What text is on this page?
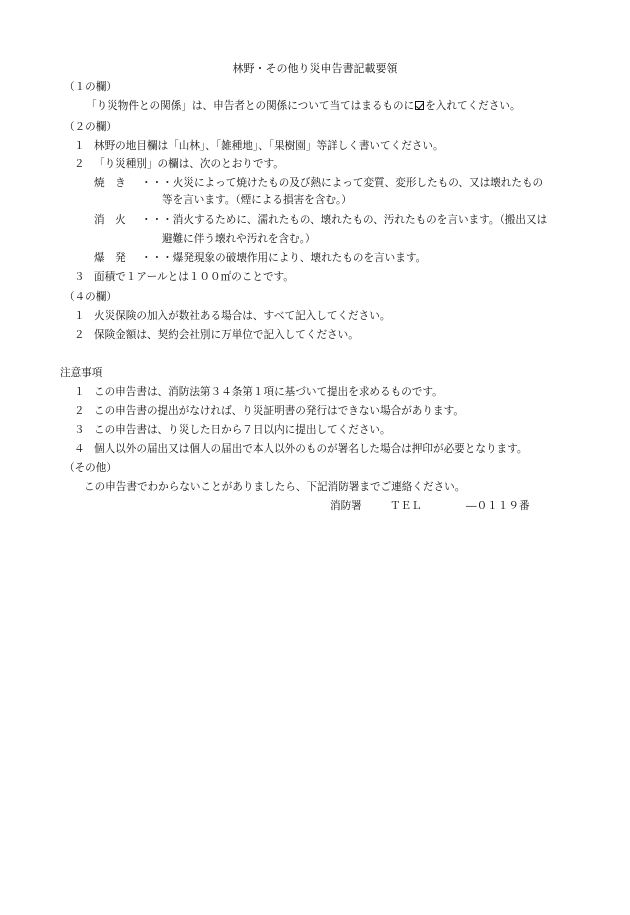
林野・その他り災申告書記載要領
（１の欄）
「り災物件との関係」は、申告者との関係について当てはまるものに を入れてください。
（２の欄）
１ 林野の地目欄は「山林」、「雑種地」、「果樹園」等詳しく書いてください。
２ 「り災種別」の欄は、次のとおりです。
焼　き ・・・火災によって焼けたもの及び熱によって変質、変形したもの、又は壊れたもの
等を言います。（煙による損害を含む。）
消　火 ・・・消火するために、濡れたもの、壊れたもの、汚れたものを言います。（搬出又は
避難に伴う壊れや汚れを含む。）
爆　発 ・・・爆発現象の破壊作用により、壊れたものを言います。
３ 面積で１アールとは１００㎡のことです。
（４の欄）
１ 火災保険の加入が数社ある場合は、すべて記入してください。
２ 保険金額は、契約会社別に万単位で記入してください。
注意事項
１ この申告書は、消防法第３４条第１項に基づいて提出を求めるものです。
２ この申告書の提出がなければ、り災証明書の発行はできない場合があります。
３ この申告書は、り災した日から７日以内に提出してください。
４ 個人以外の届出又は個人の届出で本人以外のものが署名した場合は押印が必要となります。
（その他）
この申告書でわからないことがありましたら、下記消防署までご連絡ください。
消防署	ＴＥＬ	―０１１９番
